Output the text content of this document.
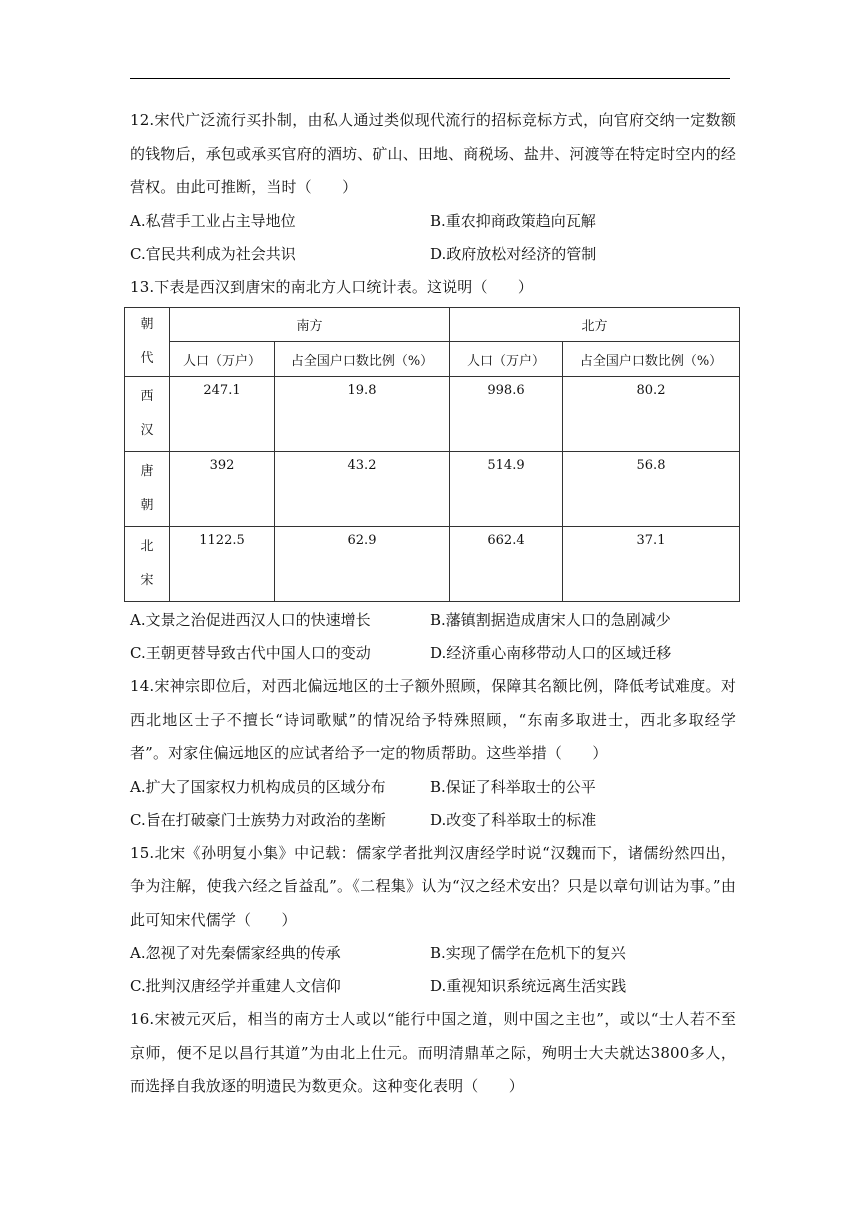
12.宋代广泛流行买扑制，由私人通过类似现代流行的招标竞标方式，向官府交纳一定数额的钱物后，承包或承买官府的酒坊、矿山、田地、商税场、盐井、河渡等在特定时空内的经营权。由此可推断，当时（　　）
A.私营手工业占主导地位	B.重农抑商政策趋向瓦解
C.官民共利成为社会共识	D.政府放松对经济的管制
13.下表是西汉到唐宋的南北方人口统计表。这说明（　　）
朝
代	南方		北方	
	人口（万户）	占全国户口数比例（%）	人口（万户）	占全国户口数比例（%）

西
汉	247.1	19.8	998.6	80.2

唐
朝	392	43.2	514.9	56.8

北
宋	1122.5	62.9	662.4	37.1
A.文景之治促进西汉人口的快速增长	B.藩镇割据造成唐宋人口的急剧减少
C.王朝更替导致古代中国人口的变动	D.经济重心南移带动人口的区域迁移
14.宋神宗即位后，对西北偏远地区的士子额外照顾，保障其名额比例，降低考试难度。对西北地区士子不擅长“诗词歌赋”的情况给予特殊照顾，“东南多取进士，西北多取经学者”。对家住偏远地区的应试者给予一定的物质帮助。这些举措（　　）
A.扩大了国家权力机构成员的区域分布	B.保证了科举取士的公平
C.旨在打破豪门士族势力对政治的垄断	D.改变了科举取士的标准
15.北宋《孙明复小集》中记载：儒家学者批判汉唐经学时说“汉魏而下，诸儒纷然四出，争为注解，使我六经之旨益乱”。《二程集》认为“汉之经术安出？只是以章句训诂为事。”由此可知宋代儒学（　　）
A.忽视了对先秦儒家经典的传承	B.实现了儒学在危机下的复兴
C.批判汉唐经学并重建人文信仰	D.重视知识系统远离生活实践
16.宋被元灭后，相当的南方士人或以“能行中国之道，则中国之主也”，或以“士人若不至京师，便不足以昌行其道”为由北上仕元。而明清鼎革之际，殉明士大夫就达3800多人，而选择自我放逐的明遗民为数更众。这种变化表明（　　）
